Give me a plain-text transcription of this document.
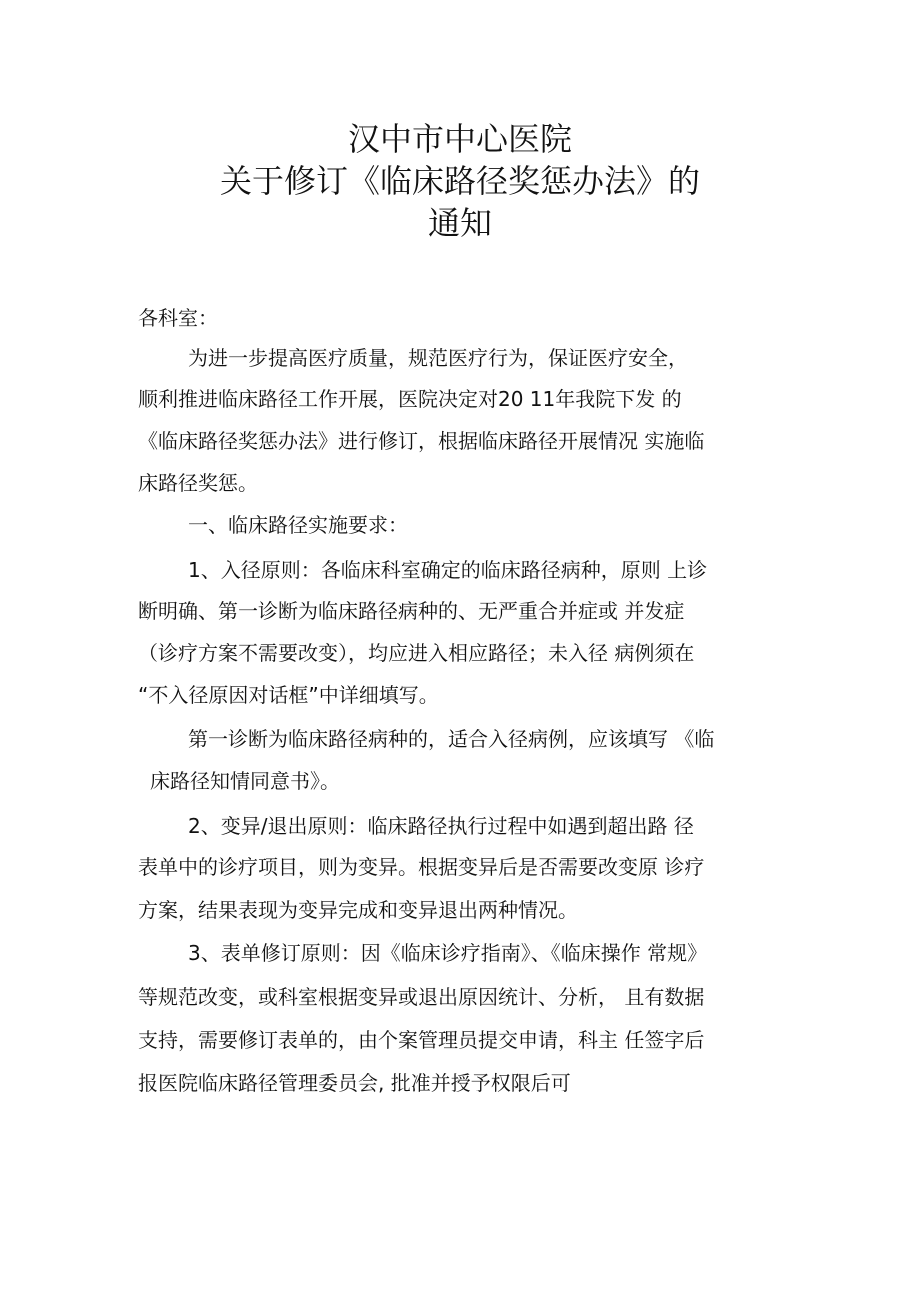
汉中市中心医院
关于修订《临床路径奖惩办法》的
通知
各科室：
为进一步提高医疗质量，规范医疗行为，保证医疗安全，
顺利推进临床路径工作开展，医院决定对20 11年我院下发 的
《临床路径奖惩办法》进行修订，根据临床路径开展情况 实施临
床路径奖惩。
一、临床路径实施要求：
1、入径原则：各临床科室确定的临床路径病种，原则 上诊
断明确、第一诊断为临床路径病种的、无严重合并症或 并发症
（诊疗方案不需要改变），均应进入相应路径；未入径 病例须在
“不入径原因对话框”中详细填写。
第一诊断为临床路径病种的，适合入径病例，应该填写 《临
床路径知情同意书》。
2、变异/退出原则：临床路径执行过程中如遇到超出路 径
表单中的诊疗项目，则为变异。根据变异后是否需要改变原 诊疗
方案，结果表现为变异完成和变异退出两种情况。
3、表单修订原则：因《临床诊疗指南》、《临床操作 常规》
等规范改变，或科室根据变异或退出原因统计、分析， 且有数据
支持，需要修订表单的，由个案管理员提交申请，科主 任签字后
报医院临床路径管理委员会, 批准并授予权限后可
